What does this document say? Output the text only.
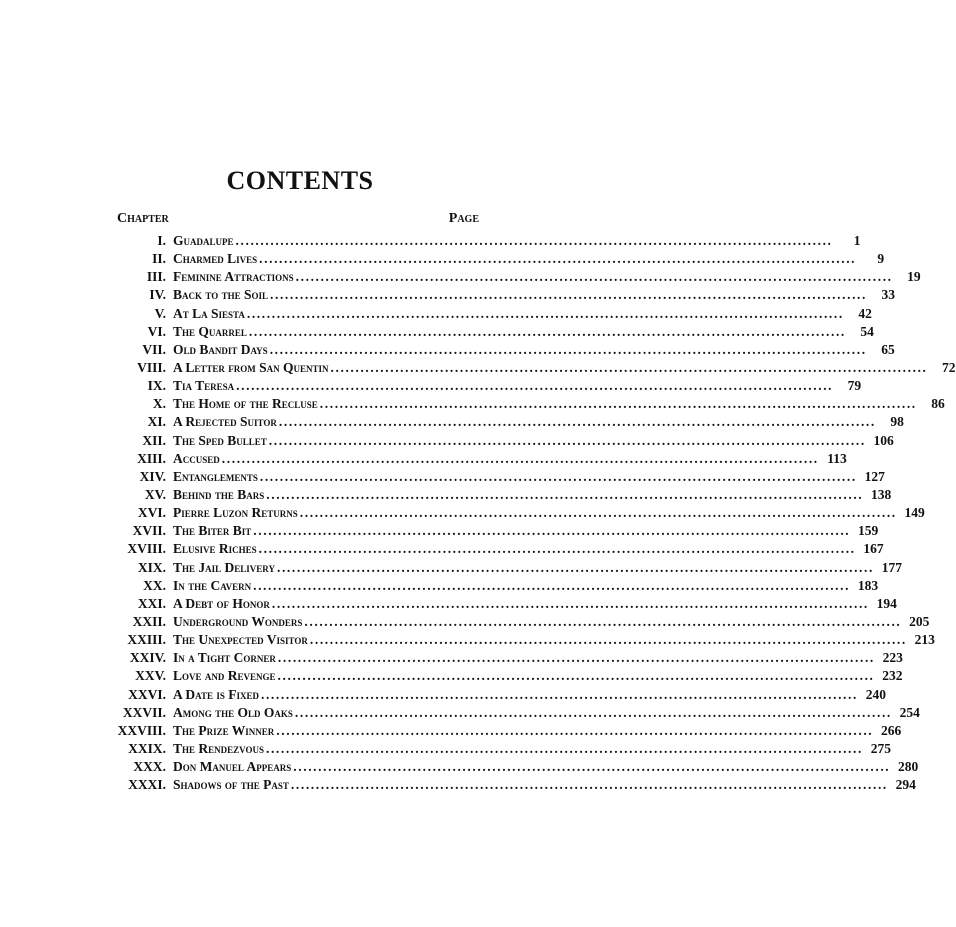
CONTENTS
Chapter	Page
I. Guadalupe ........................................................................................................................	1
II. Charmed Lives ........................................................................................................................	9
III. Feminine Attractions ........................................................................................................................	19
IV. Back to the Soil ........................................................................................................................	33
V. At La Siesta ........................................................................................................................	42
VI. The Quarrel ........................................................................................................................	54
VII. Old Bandit Days ........................................................................................................................	65
VIII. A Letter from San Quentin ........................................................................................................................	72
IX. Tia Teresa ........................................................................................................................	79
X. The Home of the Recluse ........................................................................................................................	86
XI. A Rejected Suitor ........................................................................................................................	98
XII. The Sped Bullet ........................................................................................................................ 106
XIII. Accused ........................................................................................................................ 113
XIV. Entanglements ........................................................................................................................ 127
XV. Behind the Bars ........................................................................................................................ 138
XVI. Pierre Luzon Returns ........................................................................................................................ 149
XVII. The Biter Bit ........................................................................................................................ 159
XVIII. Elusive Riches ........................................................................................................................ 167
XIX. The Jail Delivery ........................................................................................................................ 177
XX. In the Cavern ........................................................................................................................ 183
XXI. A Debt of Honor ........................................................................................................................ 194
XXII. Underground Wonders ........................................................................................................................ 205
XXIII. The Unexpected Visitor ........................................................................................................................ 213
XXIV. In a Tight Corner ........................................................................................................................ 223
XXV. Love and Revenge ........................................................................................................................ 232
XXVI. A Date is Fixed ........................................................................................................................ 240
XXVII. Among the Old Oaks ........................................................................................................................ 254
XXVIII. The Prize Winner ........................................................................................................................ 266
XXIX. The Rendezvous ........................................................................................................................ 275
XXX. Don Manuel Appears ........................................................................................................................ 280
XXXI. Shadows of the Past ........................................................................................................................ 294
